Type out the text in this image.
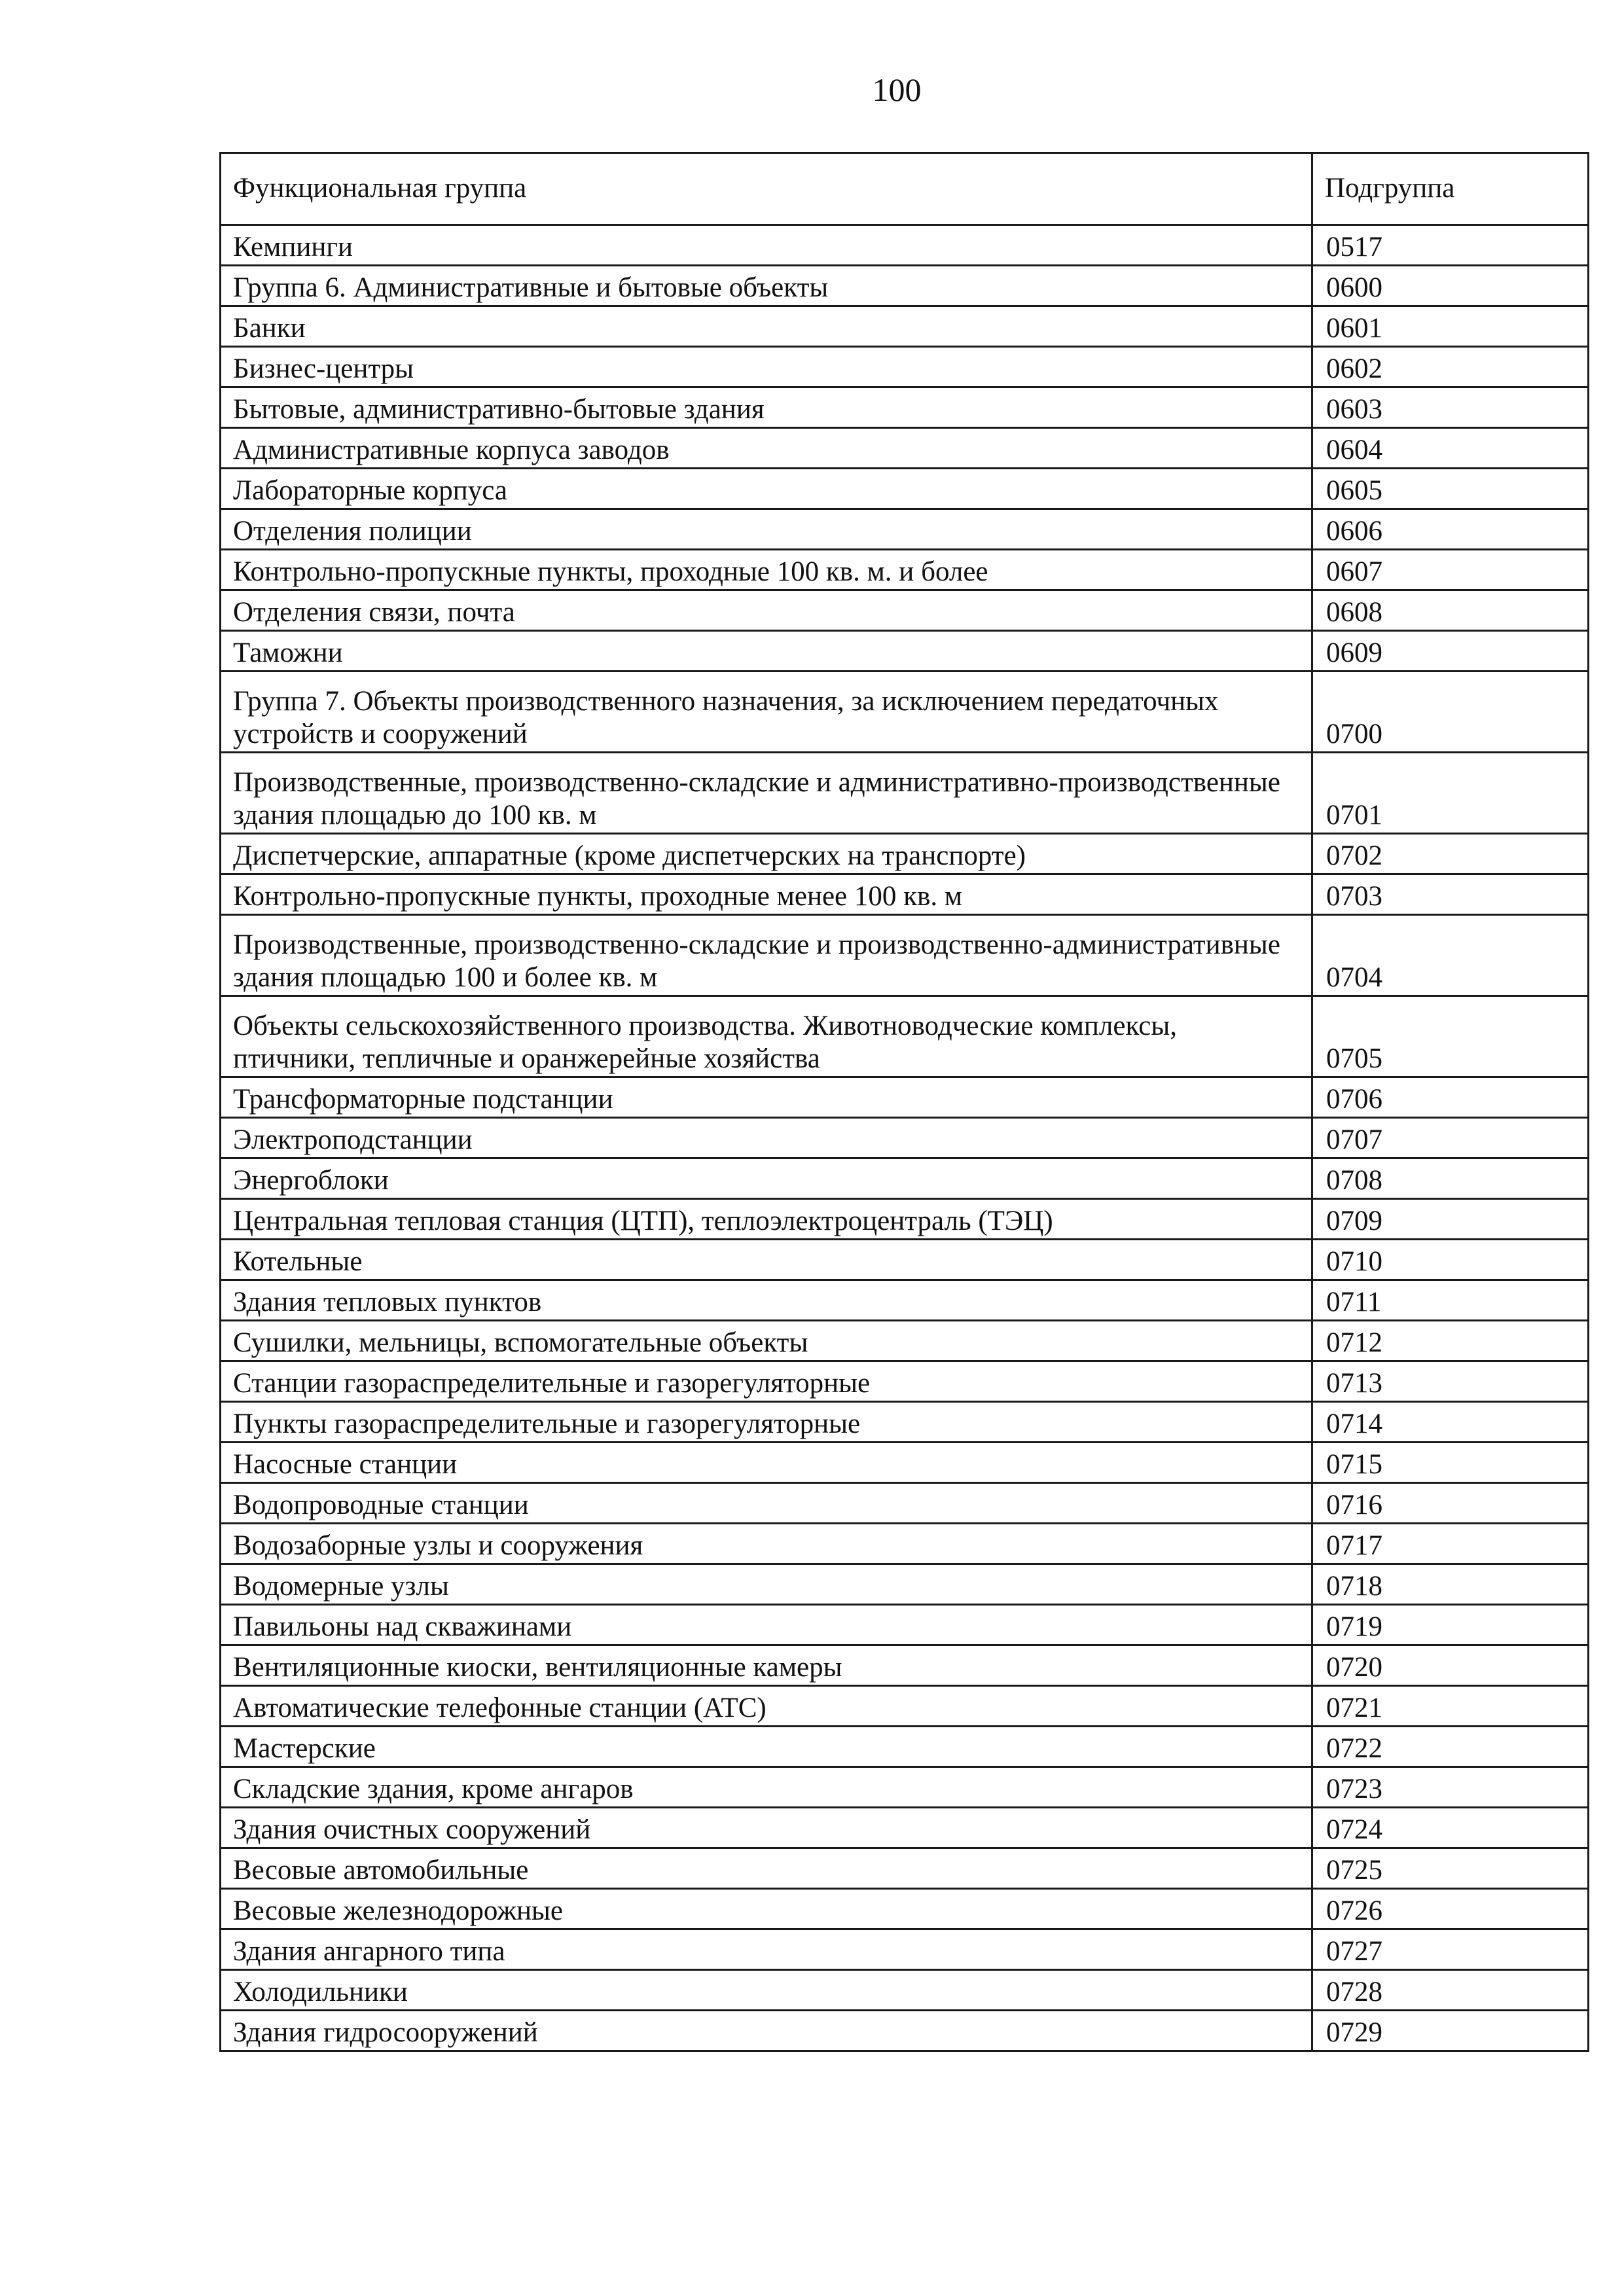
100
Функциональная группа	Подгруппа
Кемпинги	0517
Группа 6. Административные и бытовые объекты	0600
Банки	0601
Бизнес-центры	0602
Бытовые, административно-бытовые здания	0603
Административные корпуса заводов	0604
Лабораторные корпуса	0605
Отделения полиции	0606
Контрольно-пропускные пункты, проходные 100 кв. м. и более	0607
Отделения связи, почта	0608
Таможни	0609
Группа 7. Объекты производственного назначения, за исключением передаточных устройств и сооружений	0700
Производственные, производственно-складские и административно-производственные здания площадью до 100 кв. м	0701
Диспетчерские, аппаратные (кроме диспетчерских на транспорте)	0702
Контрольно-пропускные пункты, проходные менее 100 кв. м	0703
Производственные, производственно-складские и производственно-административные здания площадью 100 и более кв. м	0704
Объекты сельскохозяйственного производства. Животноводческие комплексы, птичники, тепличные и оранжерейные хозяйства	0705
Трансформаторные подстанции	0706
Электроподстанции	0707
Энергоблоки	0708
Центральная тепловая станция (ЦТП), теплоэлектроцентраль (ТЭЦ)	0709
Котельные	0710
Здания тепловых пунктов	0711
Сушилки, мельницы, вспомогательные объекты	0712
Станции газораспределительные и газорегуляторные	0713
Пункты газораспределительные и газорегуляторные	0714
Насосные станции	0715
Водопроводные станции	0716
Водозаборные узлы и сооружения	0717
Водомерные узлы	0718
Павильоны над скважинами	0719
Вентиляционные киоски, вентиляционные камеры	0720
Автоматические телефонные станции (АТС)	0721
Мастерские	0722
Складские здания, кроме ангаров	0723
Здания очистных сооружений	0724
Весовые автомобильные	0725
Весовые железнодорожные	0726
Здания ангарного типа	0727
Холодильники	0728
Здания гидросооружений	0729
